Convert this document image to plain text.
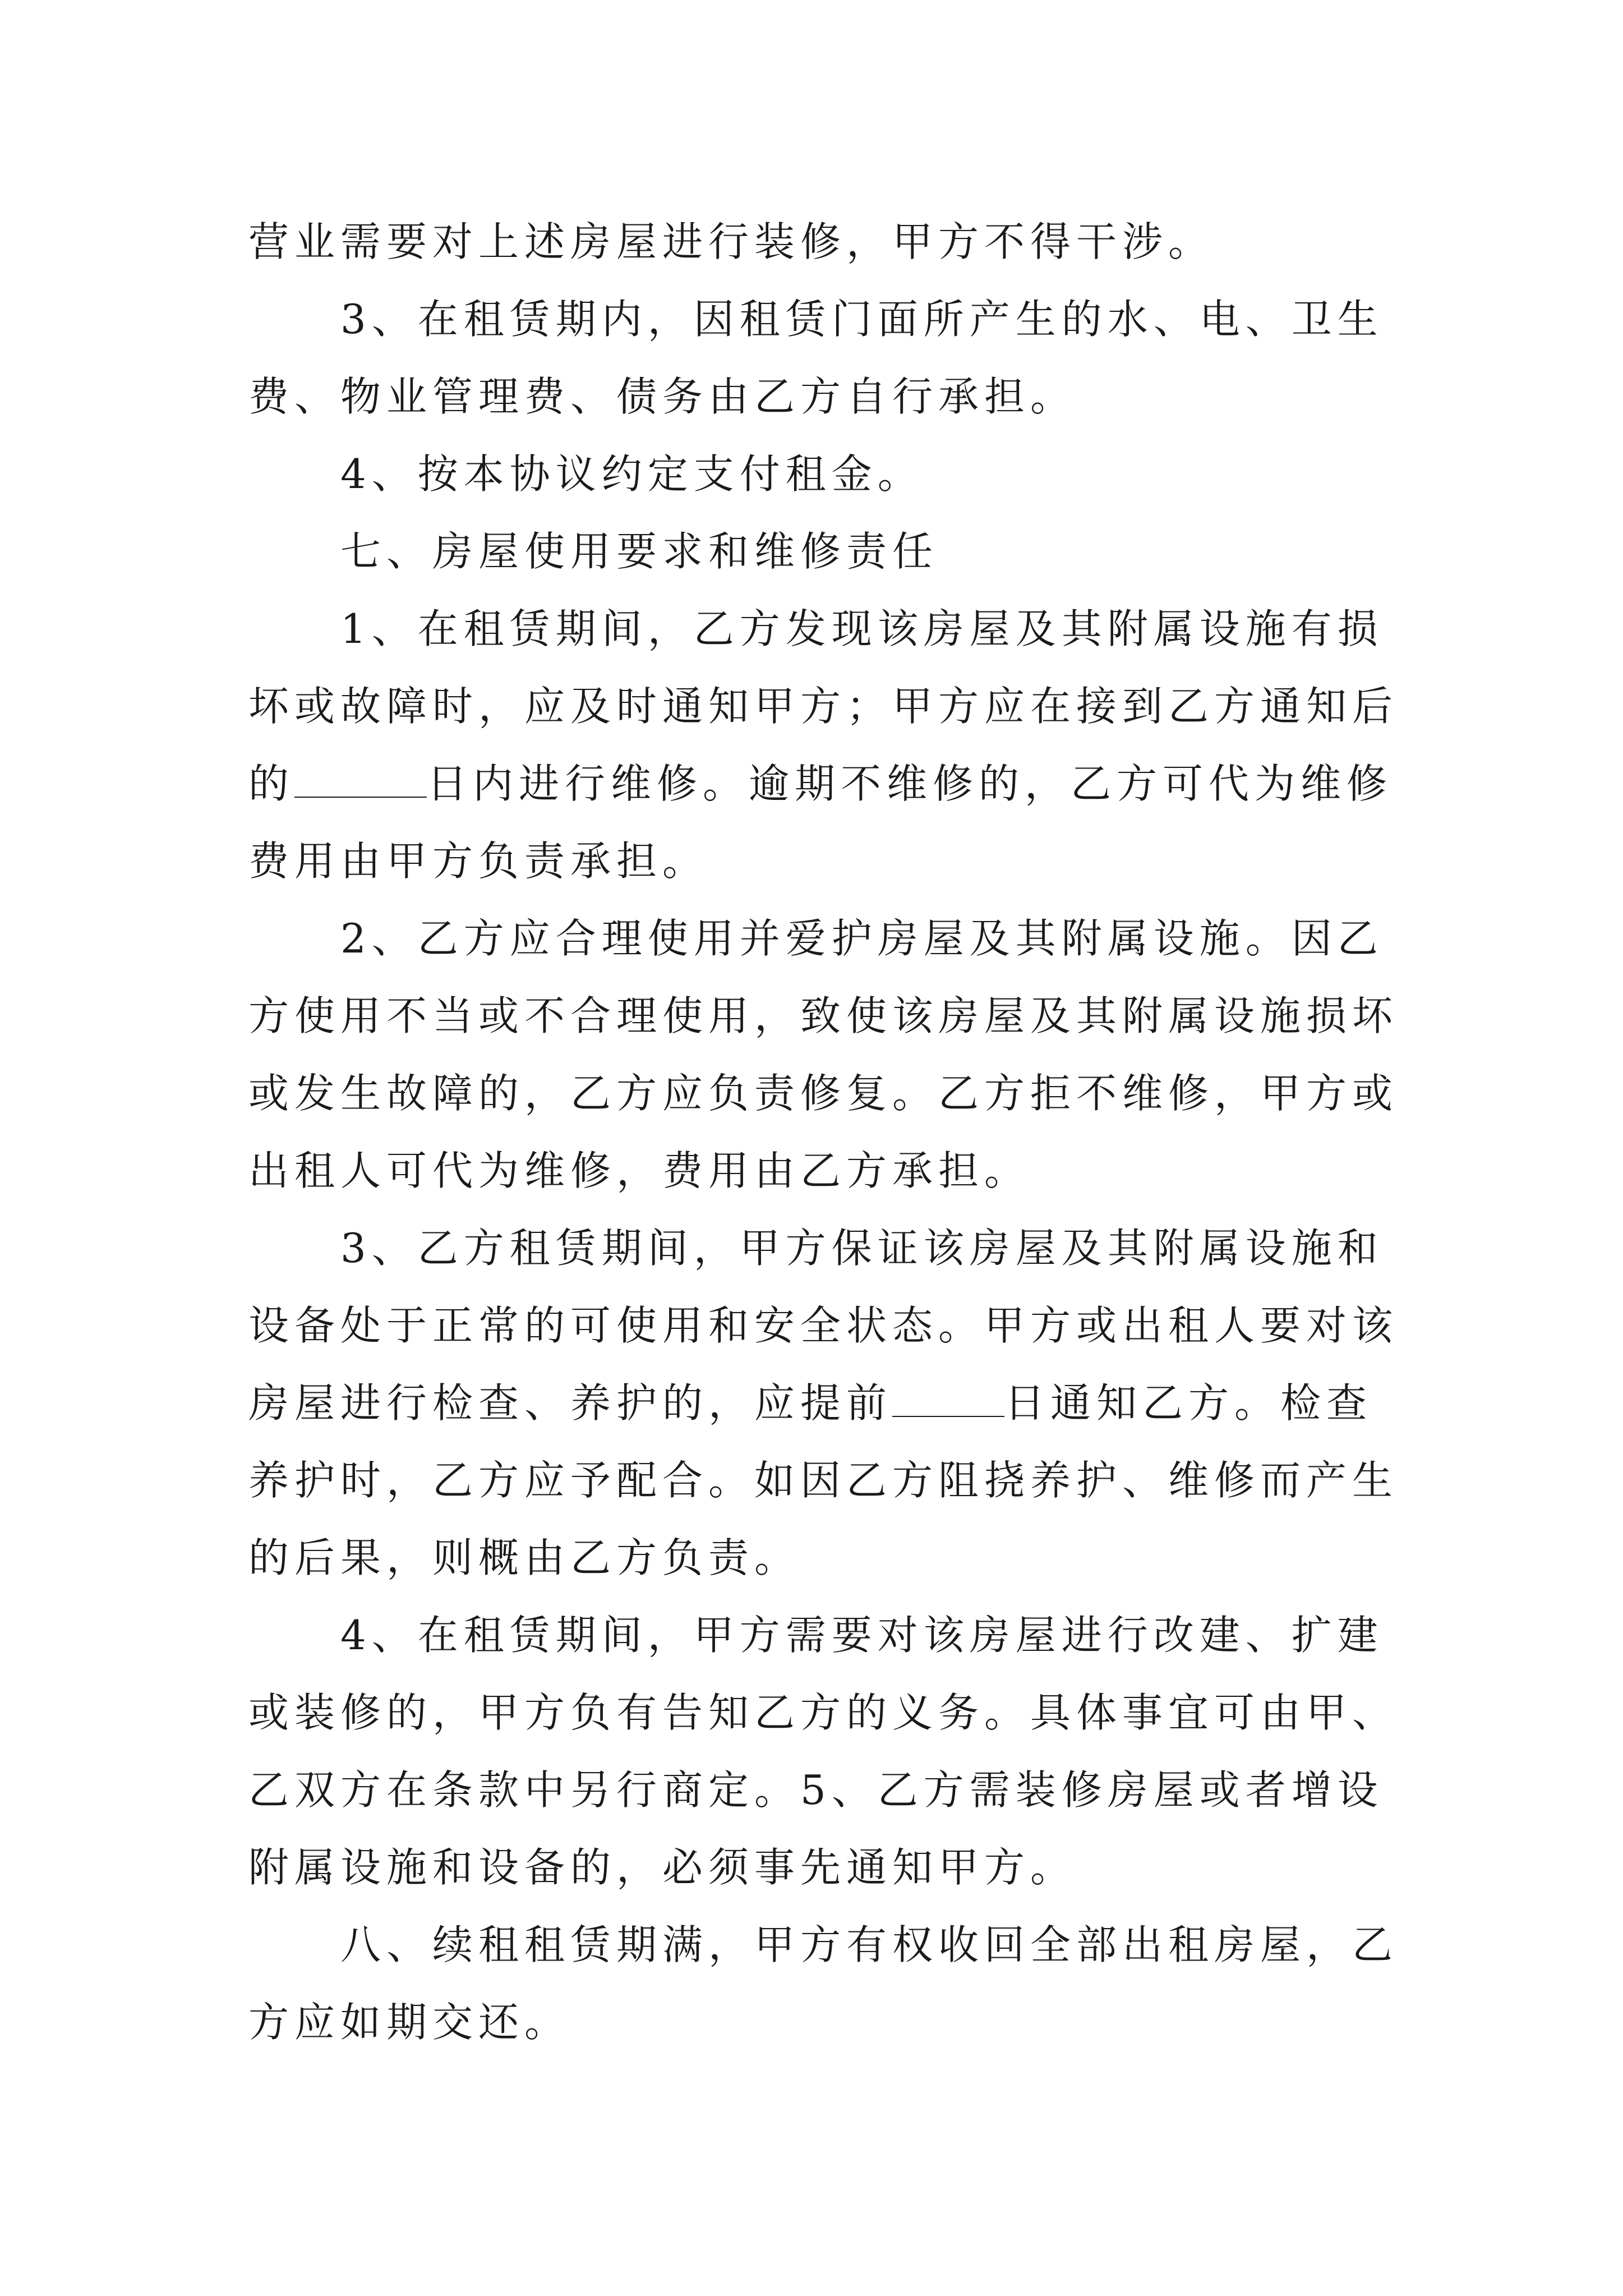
营业需要对上述房屋进行装修，甲方不得干涉。

3、在租赁期内，因租赁门面所产生的水、电、卫生费、物业管理费、债务由乙方自行承担。

4、按本协议约定支付租金。

七、房屋使用要求和维修责任

1、在租赁期间，乙方发现该房屋及其附属设施有损坏或故障时，应及时通知甲方；甲方应在接到乙方通知后的	日内进行维修。逾期不维修的，乙方可代为维修费用由甲方负责承担。

2、乙方应合理使用并爱护房屋及其附属设施。因乙方使用不当或不合理使用，致使该房屋及其附属设施损坏或发生故障的，乙方应负责修复。乙方拒不维修，甲方或出租人可代为维修，费用由乙方承担。

3、乙方租赁期间，甲方保证该房屋及其附属设施和设备处于正常的可使用和安全状态。甲方或出租人要对该房屋进行检查、养护的，应提前	日通知乙方。检查养护时，乙方应予配合。如因乙方阻挠养护、维修而产生的后果，则概由乙方负责。

4、在租赁期间，甲方需要对该房屋进行改建、扩建或装修的，甲方负有告知乙方的义务。具体事宜可由甲、乙双方在条款中另行商定。5、乙方需装修房屋或者增设附属设施和设备的，必须事先通知甲方。

八、续租租赁期满，甲方有权收回全部出租房屋，乙方应如期交还。
